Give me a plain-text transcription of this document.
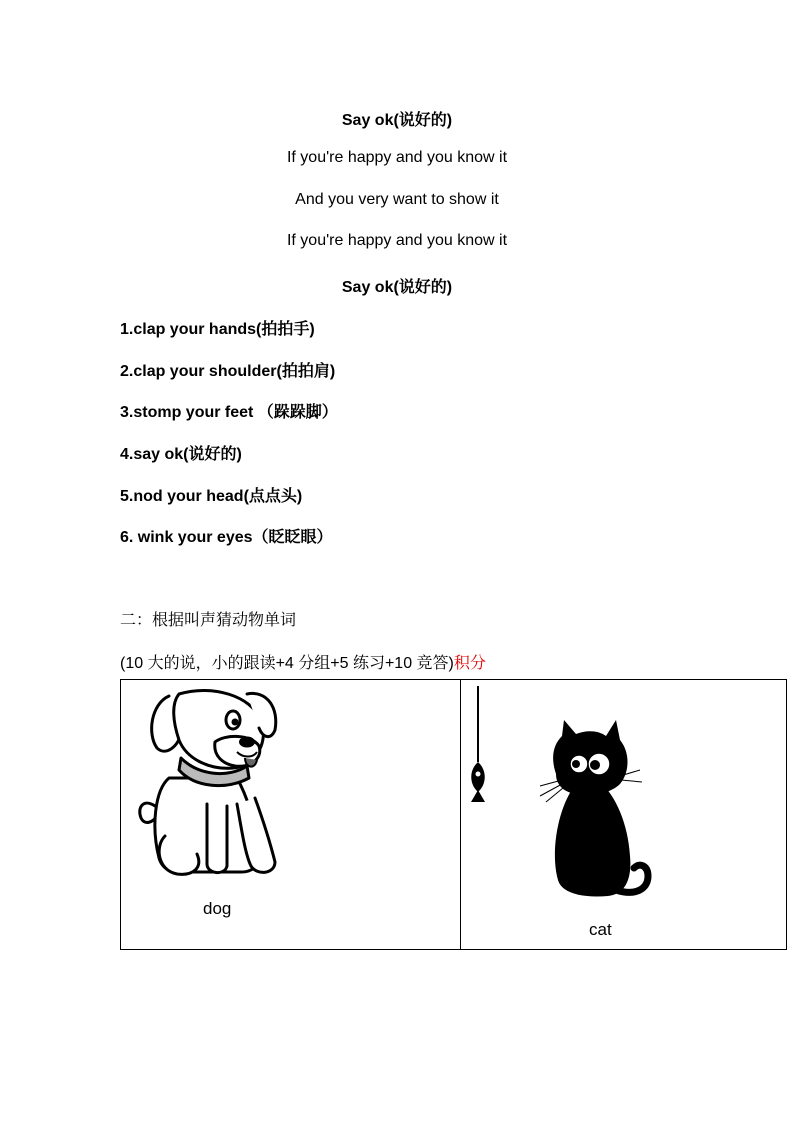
Say ok(说好的)
If you're happy and you know it
And you very want to show it
If you're happy and you know it
Say ok(说好的)
1.clap your hands(拍拍手)
2.clap your shoulder(拍拍肩)
3.stomp your feet （跺跺脚）
4.say ok(说好的)
5.nod your head(点点头)
6. wink your eyes（眨眨眼）
二：根据叫声猜动物单词
(10 大的说，小的跟读+4 分组+5 练习+10 竞答)积分
dog
cat
